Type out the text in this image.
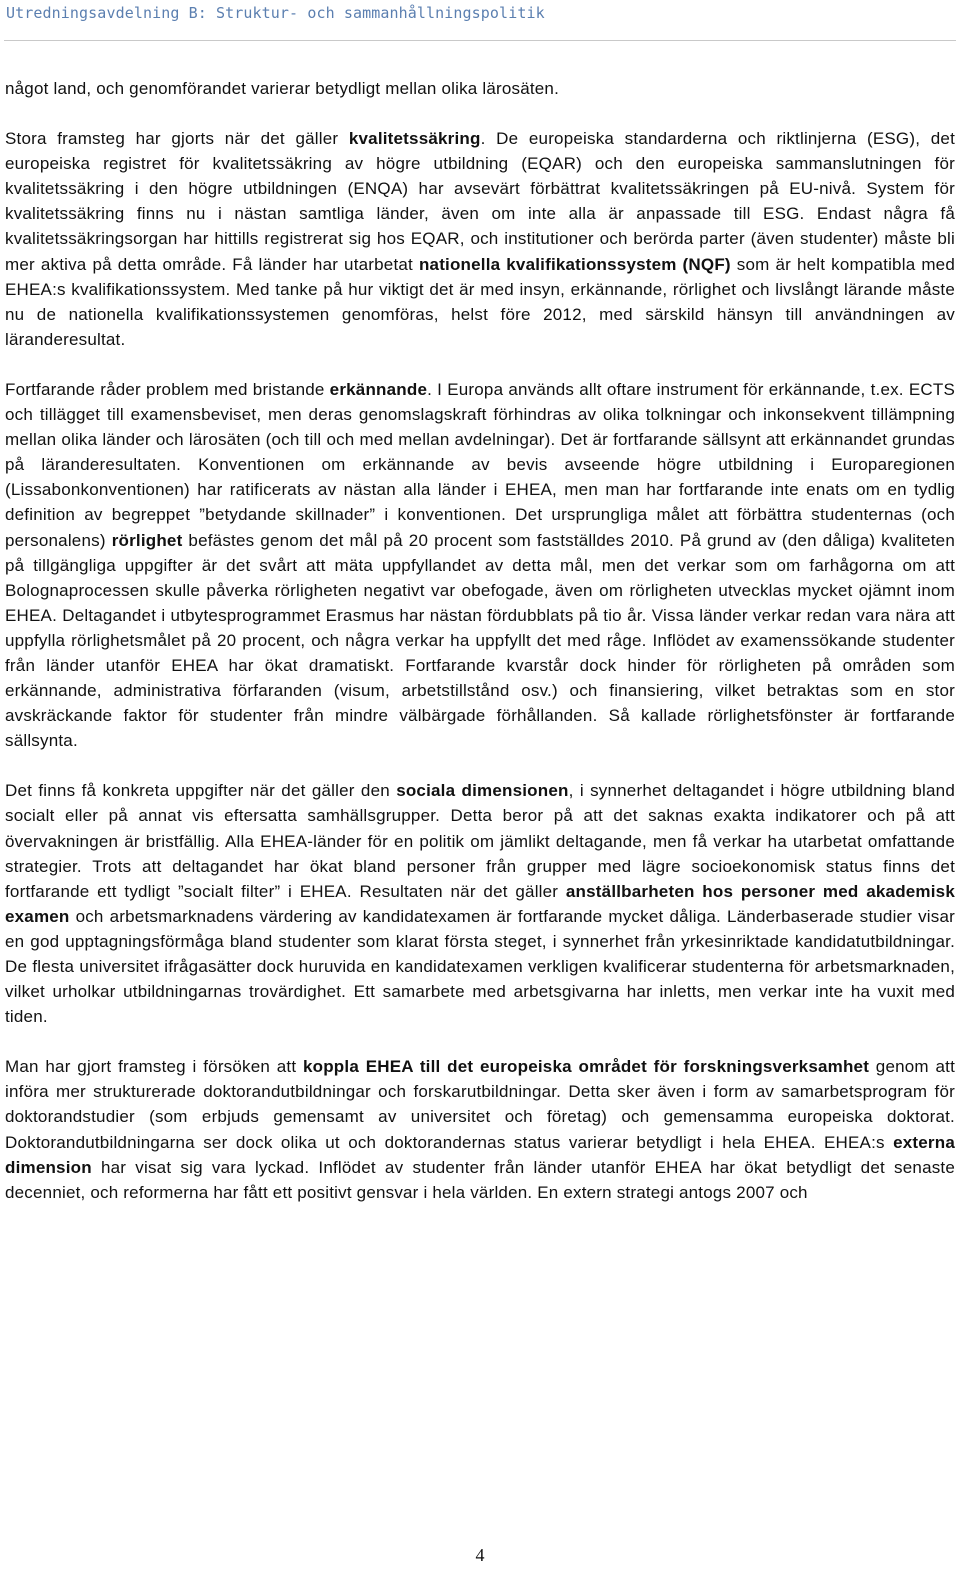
Utredningsavdelning B: Struktur- och sammanhållningspolitik

något land, och genomförandet varierar betydligt mellan olika lärosäten.

Stora framsteg har gjorts när det gäller kvalitetssäkring. De europeiska standarderna och riktlinjerna (ESG), det europeiska registret för kvalitetssäkring av högre utbildning (EQAR) och den europeiska sammanslutningen för kvalitetssäkring i den högre utbildningen (ENQA) har avsevärt förbättrat kvalitetssäkringen på EU-nivå. System för kvalitetssäkring finns nu i nästan samtliga länder, även om inte alla är anpassade till ESG. Endast några få kvalitetssäkringsorgan har hittills registrerat sig hos EQAR, och institutioner och berörda parter (även studenter) måste bli mer aktiva på detta område. Få länder har utarbetat nationella kvalifikationssystem (NQF) som är helt kompatibla med EHEA:s kvalifikationssystem. Med tanke på hur viktigt det är med insyn, erkännande, rörlighet och livslångt lärande måste nu de nationella kvalifikationssystemen genomföras, helst före 2012, med särskild hänsyn till användningen av läranderesultat.

Fortfarande råder problem med bristande erkännande. I Europa används allt oftare instrument för erkännande, t.ex. ECTS och tillägget till examensbeviset, men deras genomslagskraft förhindras av olika tolkningar och inkonsekvent tillämpning mellan olika länder och lärosäten (och till och med mellan avdelningar). Det är fortfarande sällsynt att erkännandet grundas på läranderesultaten. Konventionen om erkännande av bevis avseende högre utbildning i Europaregionen (Lissabonkonventionen) har ratificerats av nästan alla länder i EHEA, men man har fortfarande inte enats om en tydlig definition av begreppet ”betydande skillnader” i konventionen. Det ursprungliga målet att förbättra studenternas (och personalens) rörlighet befästes genom det mål på 20 procent som fastställdes 2010. På grund av (den dåliga) kvaliteten på tillgängliga uppgifter är det svårt att mäta uppfyllandet av detta mål, men det verkar som om farhågorna om att Bolognaprocessen skulle påverka rörligheten negativt var obefogade, även om rörligheten utvecklas mycket ojämnt inom EHEA. Deltagandet i utbytesprogrammet Erasmus har nästan fördubblats på tio år. Vissa länder verkar redan vara nära att uppfylla rörlighetsmålet på 20 procent, och några verkar ha uppfyllt det med råge. Inflödet av examenssökande studenter från länder utanför EHEA har ökat dramatiskt. Fortfarande kvarstår dock hinder för rörligheten på områden som erkännande, administrativa förfaranden (visum, arbetstillstånd osv.) och finansiering, vilket betraktas som en stor avskräckande faktor för studenter från mindre välbärgade förhållanden. Så kallade rörlighetsfönster är fortfarande sällsynta.

Det finns få konkreta uppgifter när det gäller den sociala dimensionen, i synnerhet deltagandet i högre utbildning bland socialt eller på annat vis eftersatta samhällsgrupper. Detta beror på att det saknas exakta indikatorer och på att övervakningen är bristfällig. Alla EHEA-länder för en politik om jämlikt deltagande, men få verkar ha utarbetat omfattande strategier. Trots att deltagandet har ökat bland personer från grupper med lägre socioekonomisk status finns det fortfarande ett tydligt ”socialt filter” i EHEA. Resultaten när det gäller anställbarheten hos personer med akademisk examen och arbetsmarknadens värdering av kandidatexamen är fortfarande mycket dåliga. Länderbaserade studier visar en god upptagningsförmåga bland studenter som klarat första steget, i synnerhet från yrkesinriktade kandidatutbildningar. De flesta universitet ifrågasätter dock huruvida en kandidatexamen verkligen kvalificerar studenterna för arbetsmarknaden, vilket urholkar utbildningarnas trovärdighet. Ett samarbete med arbetsgivarna har inletts, men verkar inte ha vuxit med tiden.

Man har gjort framsteg i försöken att koppla EHEA till det europeiska området för forskningsverksamhet genom att införa mer strukturerade doktorandutbildningar och forskarutbildningar. Detta sker även i form av samarbetsprogram för doktorandstudier (som erbjuds gemensamt av universitet och företag) och gemensamma europeiska doktorat. Doktorandutbildningarna ser dock olika ut och doktorandernas status varierar betydligt i hela EHEA. EHEA:s externa dimension har visat sig vara lyckad. Inflödet av studenter från länder utanför EHEA har ökat betydligt det senaste decenniet, och reformerna har fått ett positivt gensvar i hela världen. En extern strategi antogs 2007 och

4
